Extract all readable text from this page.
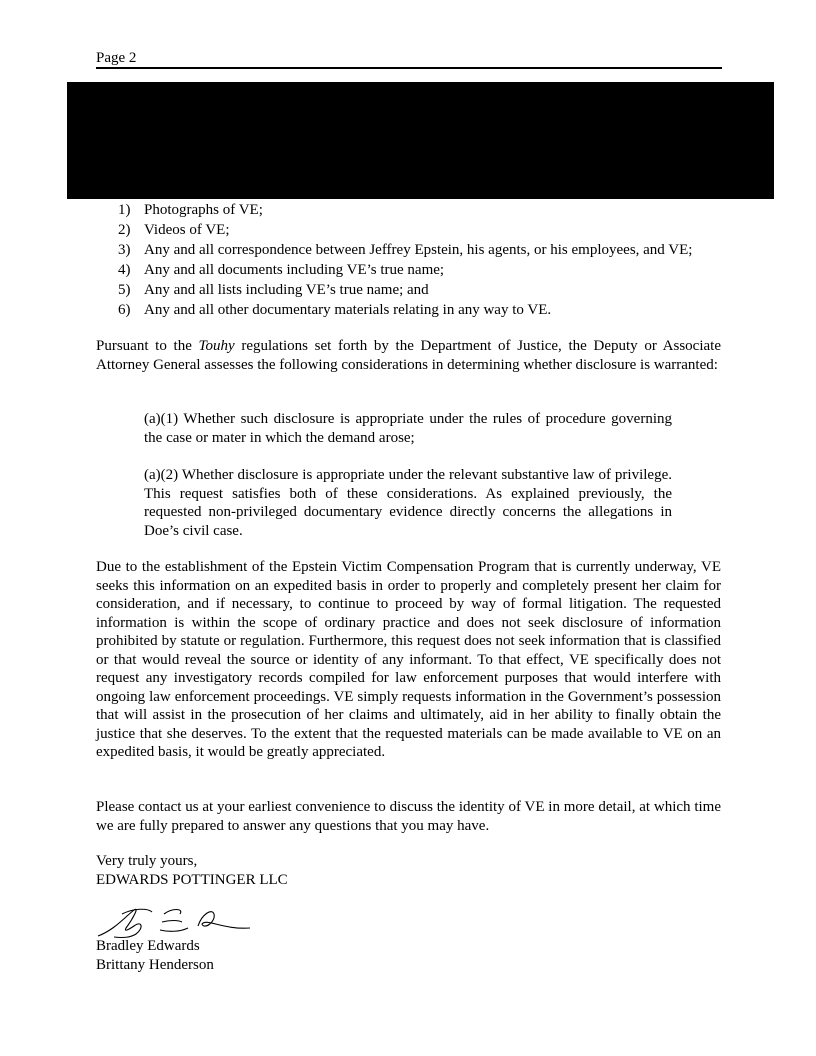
Page 2
1) Photographs of VE;
2) Videos of VE;
3) Any and all correspondence between Jeffrey Epstein, his agents, or his employees, and VE;
4) Any and all documents including VE’s true name;
5) Any and all lists including VE’s true name; and
6) Any and all other documentary materials relating in any way to VE.

Pursuant to the Touhy regulations set forth by the Department of Justice, the Deputy or Associate Attorney General assesses the following considerations in determining whether disclosure is warranted:

(a)(1) Whether such disclosure is appropriate under the rules of procedure governing the case or mater in which the demand arose;

(a)(2) Whether disclosure is appropriate under the relevant substantive law of privilege. This request satisfies both of these considerations. As explained previously, the requested non-privileged documentary evidence directly concerns the allegations in Doe’s civil case.

Due to the establishment of the Epstein Victim Compensation Program that is currently underway, VE seeks this information on an expedited basis in order to properly and completely present her claim for consideration, and if necessary, to continue to proceed by way of formal litigation. The requested information is within the scope of ordinary practice and does not seek disclosure of information prohibited by statute or regulation. Furthermore, this request does not seek information that is classified or that would reveal the source or identity of any informant. To that effect, VE specifically does not request any investigatory records compiled for law enforcement purposes that would interfere with ongoing law enforcement proceedings. VE simply requests information in the Government’s possession that will assist in the prosecution of her claims and ultimately, aid in her ability to finally obtain the justice that she deserves. To the extent that the requested materials can be made available to VE on an expedited basis, it would be greatly appreciated.

Please contact us at your earliest convenience to discuss the identity of VE in more detail, at which time we are fully prepared to answer any questions that you may have.

Very truly yours,

EDWARDS POTTINGER LLC

Bradley Edwards

Brittany Henderson
